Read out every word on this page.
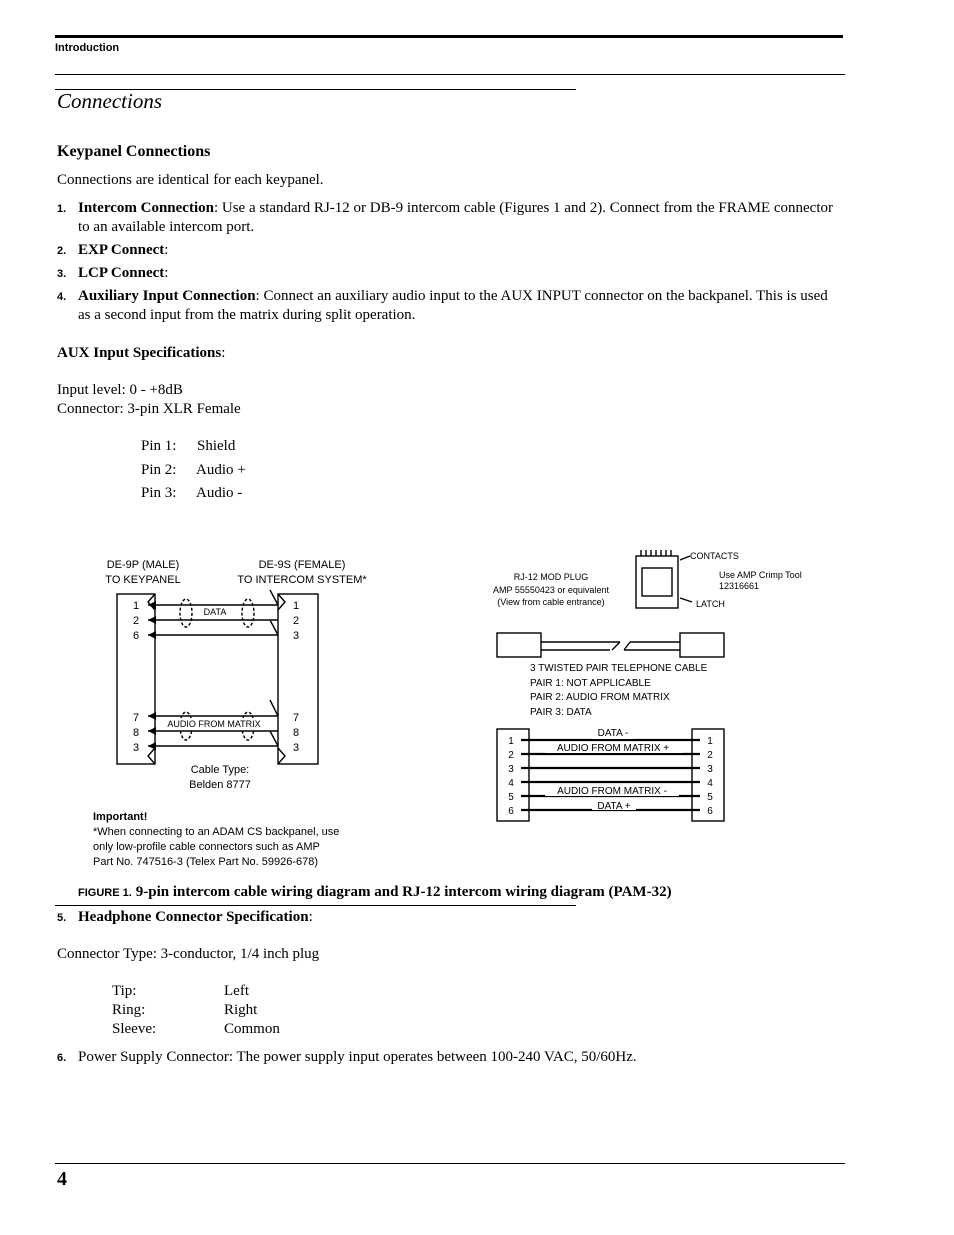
Introduction
Connections
Keypanel Connections
Connections are identical for each keypanel.
1. Intercom Connection: Use a standard RJ-12 or DB-9 intercom cable (Figures 1 and 2). Connect from the FRAME connector to an available intercom port.
2. EXP Connect:
3. LCP Connect:
4. Auxiliary Input Connection: Connect an auxiliary audio input to the AUX INPUT connector on the backpanel. This is used as a second input from the matrix during split operation.
AUX Input Specifications:
Input level: 0 - +8dB
Connector: 3-pin XLR Female
Pin 1: Shield
Pin 2: Audio +
Pin 3: Audio -
DE-9P (MALE)
TO KEYPANEL
DE-9S (FEMALE)
TO INTERCOM SYSTEM*
1
2
6
7
8
3
1
2
3
7
8
3
DATA
AUDIO FROM MATRIX
Cable Type:
Belden 8777
Important!
*When connecting to an ADAM CS backpanel, use
only low-profile cable connectors such as AMP
Part No. 747516-3 (Telex Part No. 59926-678)
CONTACTS
LATCH
Use AMP Crimp Tool
12316661
RJ-12 MOD PLUG
AMP 55550423 or equivalent
(View from cable entrance)
3 TWISTED PAIR TELEPHONE CABLE
PAIR 1: NOT APPLICABLE
PAIR 2: AUDIO FROM MATRIX
PAIR 3: DATA
1
2
3
4
5
6
1
2
3
4
5
6
DATA -
AUDIO FROM MATRIX +
AUDIO FROM MATRIX -
DATA +
FIGURE 1. 9-pin intercom cable wiring diagram and RJ-12 intercom wiring diagram (PAM-32)
5. Headphone Connector Specification:
Connector Type: 3-conductor, 1/4 inch plug
Tip:	Left
Ring:	Right
Sleeve:	Common
6. Power Supply Connector: The power supply input operates between 100-240 VAC, 50/60Hz.
4
